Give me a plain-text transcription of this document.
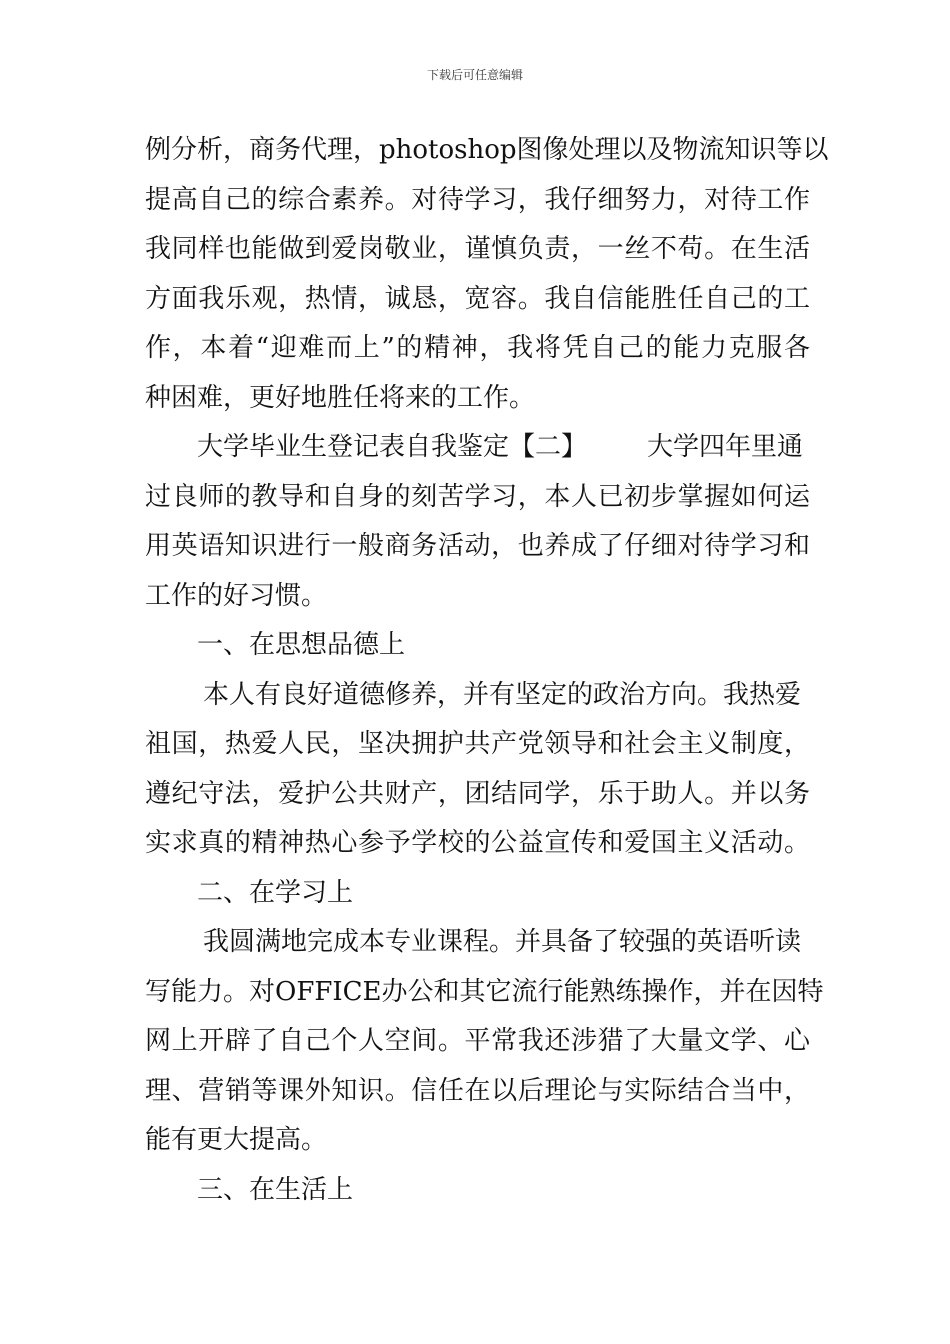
下载后可任意编辑
例分析，商务代理，photoshop图像处理以及物流知识等以
提高自己的综合素养。对待学习，我仔细努力，对待工作
我同样也能做到爱岗敬业，谨慎负责，一丝不苟。在生活
方面我乐观，热情，诚恳，宽容。我自信能胜任自己的工
作，本着“迎难而上”的精神，我将凭自己的能力克服各
种困难，更好地胜任将来的工作。
大学毕业生登记表自我鉴定【二】 大学四年里通
过良师的教导和自身的刻苦学习，本人已初步掌握如何运
用英语知识进行一般商务活动，也养成了仔细对待学习和
工作的好习惯。
一、在思想品德上
本人有良好道德修养，并有坚定的政治方向。我热爱
祖国，热爱人民，坚决拥护共产党领导和社会主义制度，
遵纪守法，爱护公共财产，团结同学，乐于助人。并以务
实求真的精神热心参予学校的公益宣传和爱国主义活动。
二、在学习上
我圆满地完成本专业课程。并具备了较强的英语听读
写能力。对OFFICE办公和其它流行能熟练操作，并在因特
网上开辟了自己个人空间。平常我还涉猎了大量文学、心
理、营销等课外知识。信任在以后理论与实际结合当中，
能有更大提高。
三、在生活上
